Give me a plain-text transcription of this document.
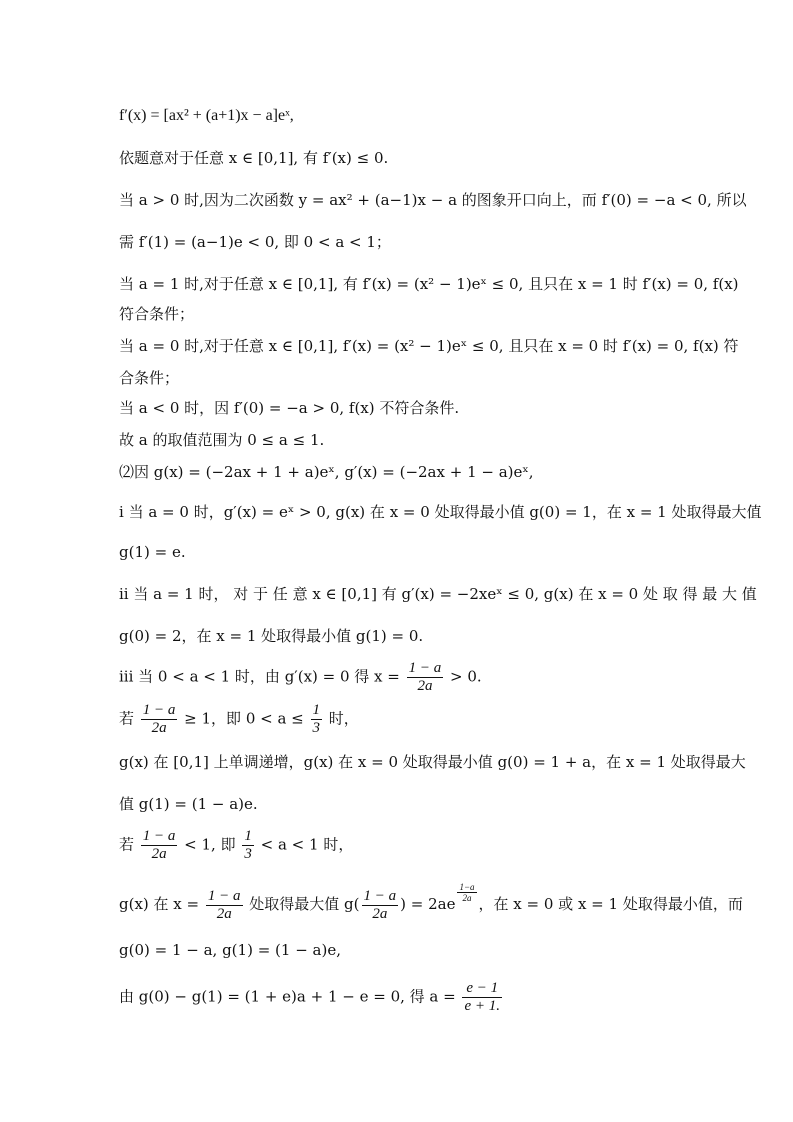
f′(x) = [ax² + (a+1)x − a]eˣ,
依题意对于任意 x ∈ [0,1], 有 f′(x) ≤ 0.
当 a > 0 时,因为二次函数 y = ax² + (a−1)x − a 的图象开口向上，而 f′(0) = −a < 0, 所以
需 f′(1) = (a−1)e < 0, 即 0 < a < 1；
当 a = 1 时,对于任意 x ∈ [0,1], 有 f′(x) = (x² − 1)eˣ ≤ 0, 且只在 x = 1 时 f′(x) = 0, f(x)
符合条件；
当 a = 0 时,对于任意 x ∈ [0,1], f′(x) = (x² − 1)eˣ ≤ 0, 且只在 x = 0 时 f′(x) = 0, f(x) 符
合条件；
当 a < 0 时，因 f′(0) = −a > 0, f(x) 不符合条件.
故 a 的取值范围为 0 ≤ a ≤ 1.
⑵因 g(x) = (−2ax + 1 + a)eˣ, g′(x) = (−2ax + 1 − a)eˣ,
i 当 a = 0 时，g′(x) = eˣ > 0, g(x) 在 x = 0 处取得最小值 g(0) = 1，在 x = 1 处取得最大值
g(1) = e.
ii 当 a = 1 时， 对 于 任 意 x ∈ [0,1] 有 g′(x) = −2xeˣ ≤ 0, g(x) 在 x = 0 处 取 得 最 大 值
g(0) = 2，在 x = 1 处取得最小值 g(1) = 0.
iii 当 0 < a < 1 时，由 g′(x) = 0 得 $x = \frac{1 - a}{2a} > 0$.
若 $\frac{1 - a}{2a} \ge 1$，即 $0 < a \le \frac{1}{3}$ 时，
g(x) 在 [0,1] 上单调递增，g(x) 在 x = 0 处取得最小值 g(0) = 1 + a，在 x = 1 处取得最大
值 g(1) = (1 − a)e.
若 $\frac{1 - a}{2a} < 1$, 即 $\frac{1}{3} < a < 1$ 时，
g(x) 在 $x = \frac{1 - a}{2a}$ 处取得最大值 $g( \frac{1 - a}{2a}$ ) = 2ae
$\frac{1-a}{2a}$
，在 x = 0 或 x = 1 处取得最小值，而
g(0) = 1 − a, g(1) = (1 − a)e,
由 g(0) − g(1) = (1 + e)a + 1 − e = 0, 得 $a = \frac{e - 1}{e + 1.}$
